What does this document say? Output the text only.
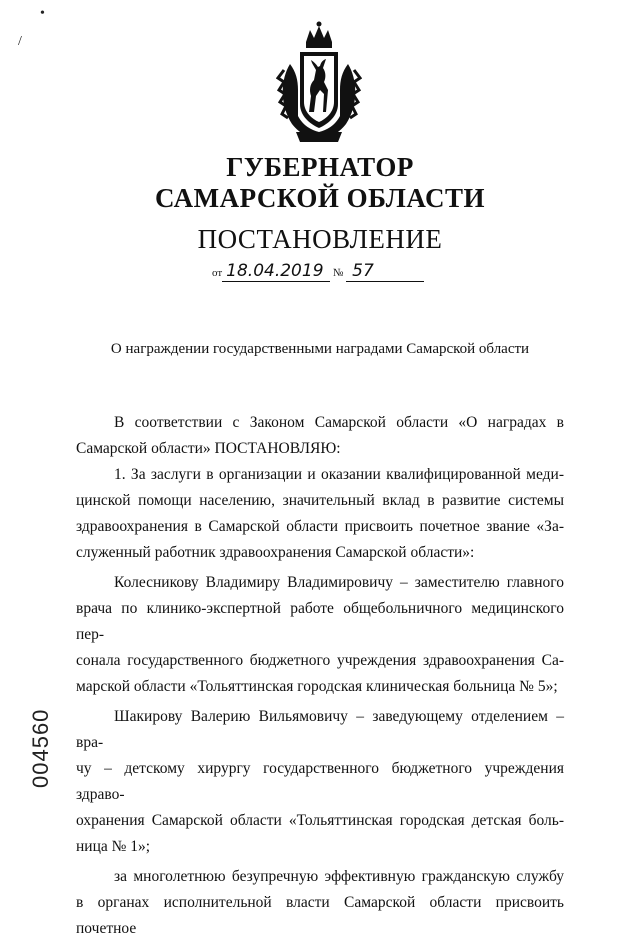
•
/
ГУБЕРНАТОР
САМАРСКОЙ ОБЛАСТИ
ПОСТАНОВЛЕНИЕ
от 18.04.2019 № 57
О награждении государственными наградами Самарской области

В соответствии с Законом Самарской области «О наградах в
Самарской области» ПОСТАНОВЛЯЮ:

1. За заслуги в организации и оказании квалифицированной меди-
цинской помощи населению, значительный вклад в развитие системы
здравоохранения в Самарской области присвоить почетное звание «За-
служенный работник здравоохранения Самарской области»:

Колесникову Владимиру Владимировичу – заместителю главного
врача по клинико-экспертной работе общебольничного медицинского пер-
сонала государственного бюджетного учреждения здравоохранения Са-
марской области «Тольяттинская городская клиническая больница № 5»;

Шакирову Валерию Вильямовичу – заведующему отделением – вра-
чу – детскому хирургу государственного бюджетного учреждения здраво-
охранения Самарской области «Тольяттинская городская детская боль-
ница № 1»;

за многолетнюю безупречную эффективную гражданскую службу
в органах исполнительной власти Самарской области присвоить почетное

004560
